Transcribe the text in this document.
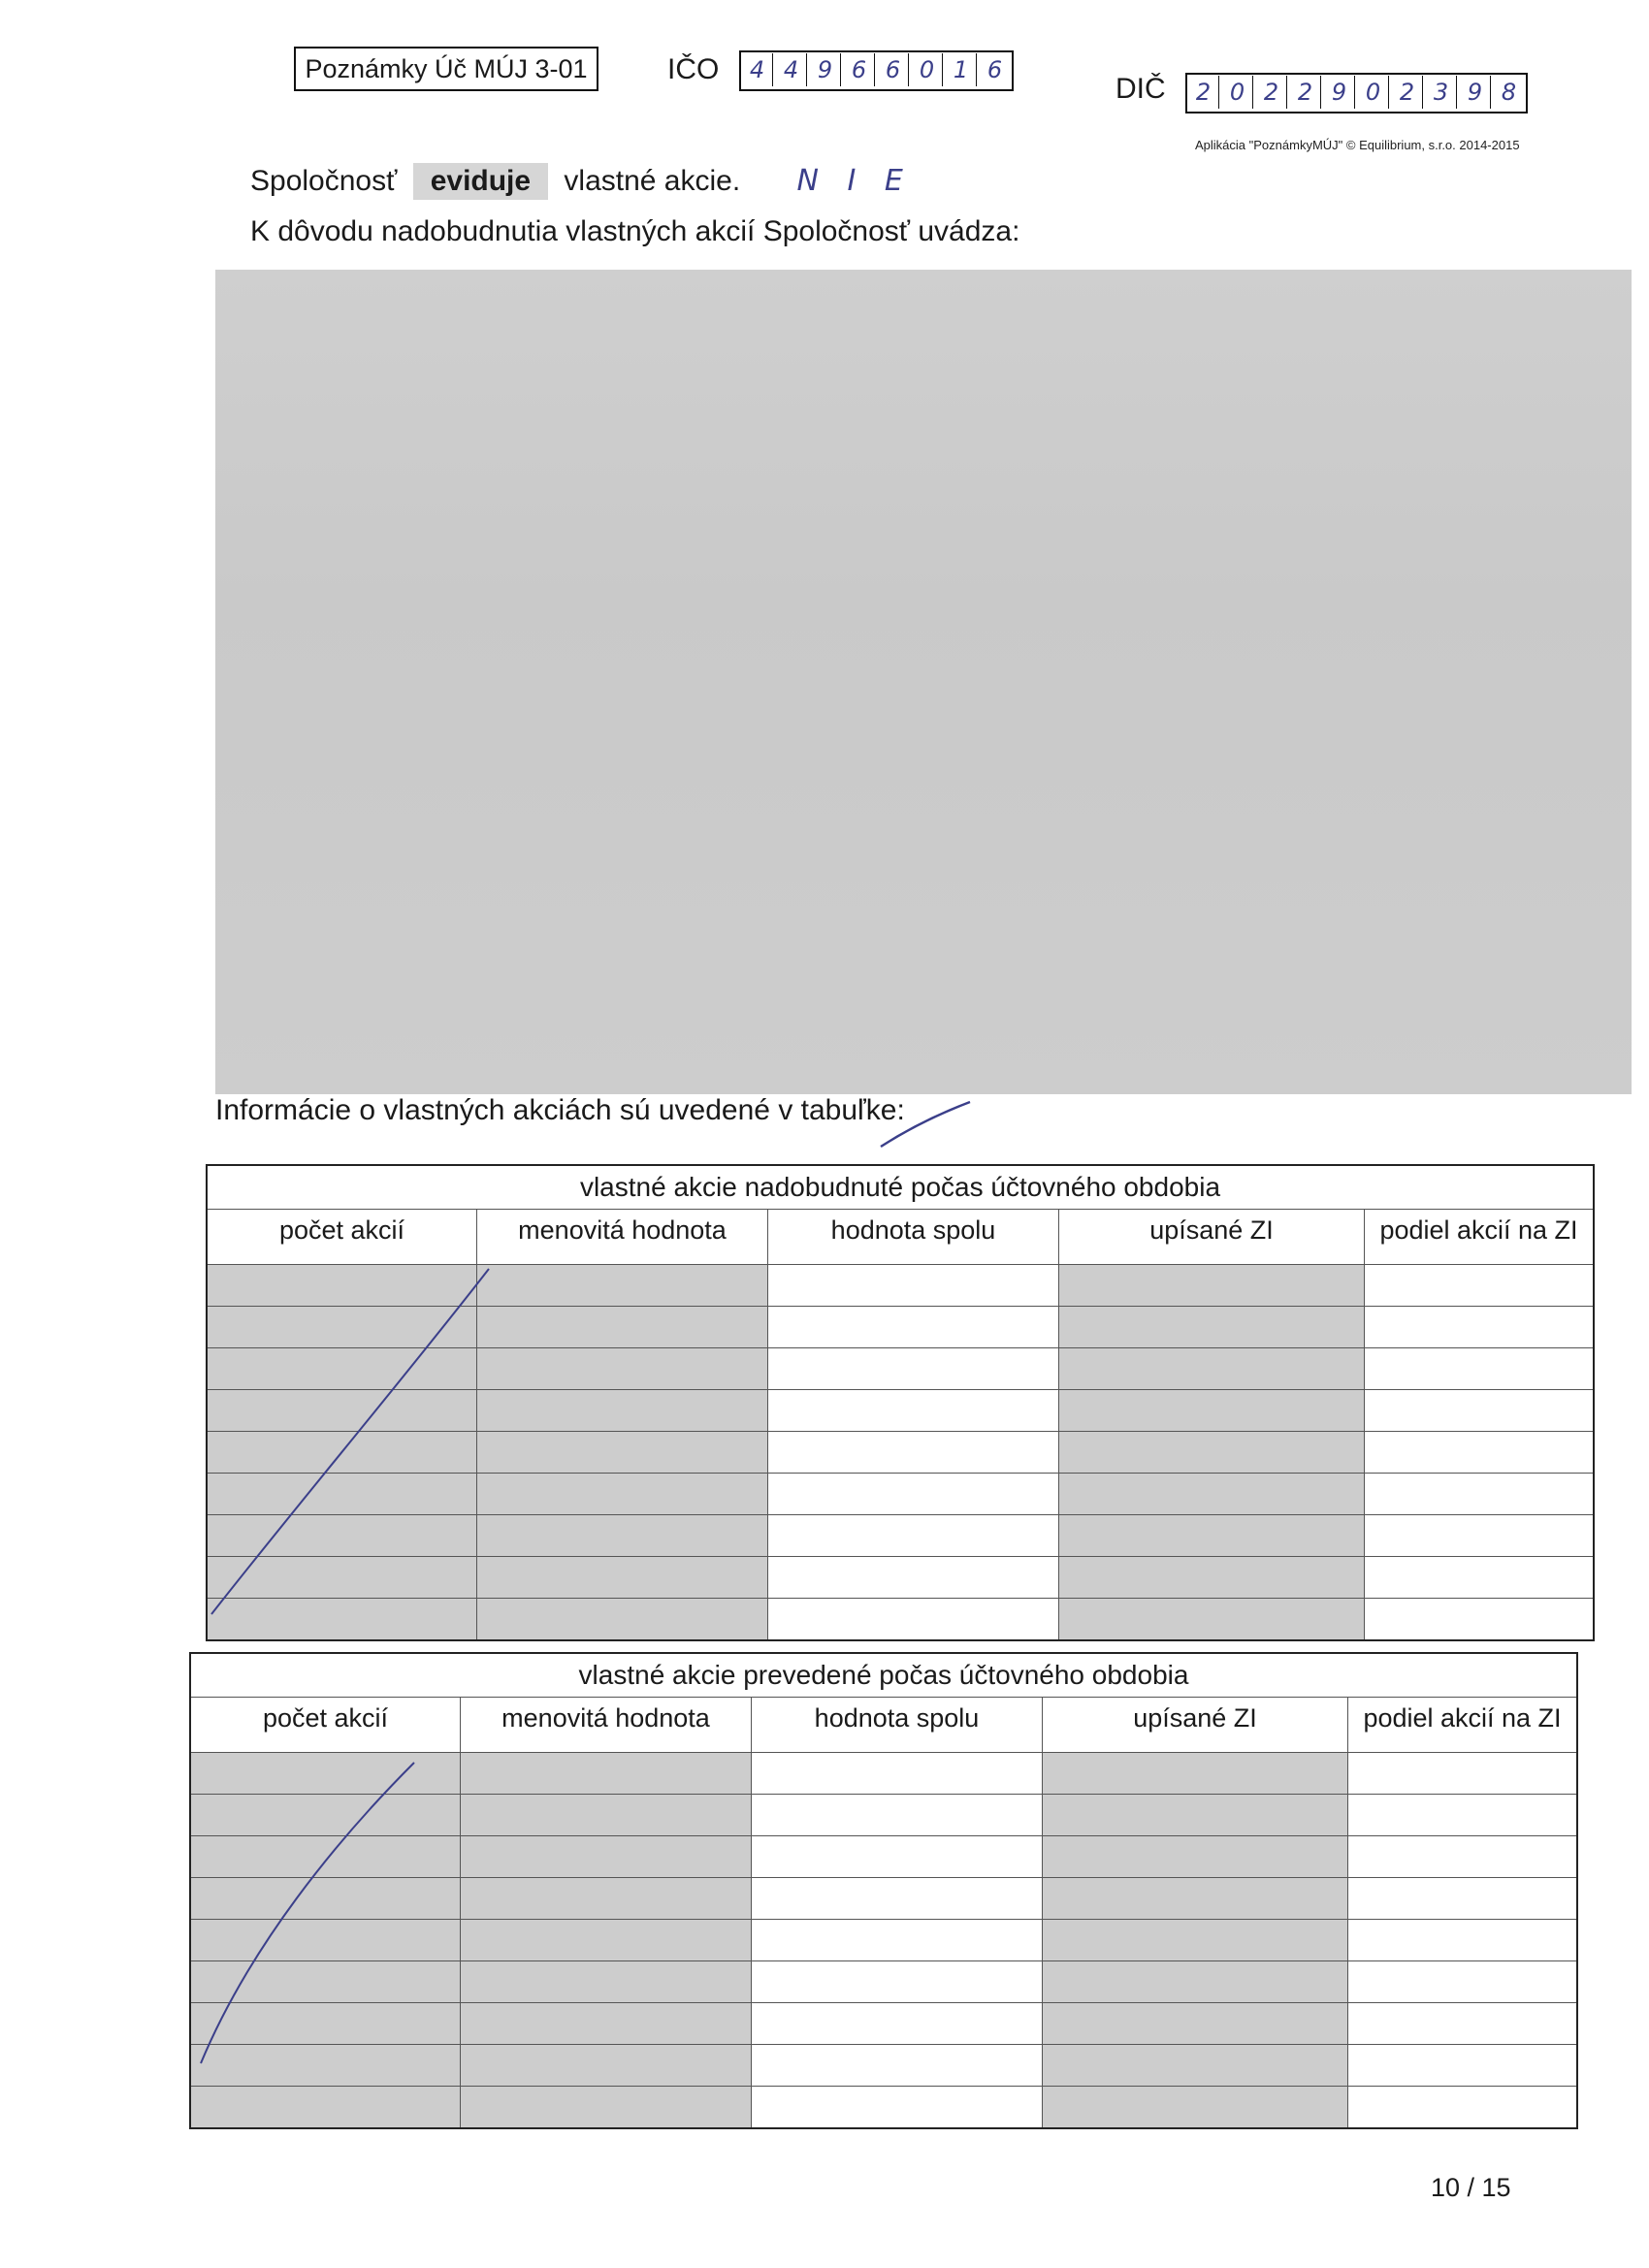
Poznámky Úč MÚJ 3-01	IČO	4 4 9 6 6 0 1 6
DIČ	2 0 2 2 9 0 2 3 9 8
Aplikácia "PoznámkyMÚJ" © Equilibrium, s.r.o. 2014-2015
Spoločnosť eviduje vlastné akcie. N I E
K dôvodu nadobudnutia vlastných akcií Spoločnosť uvádza:
Informácie o vlastných akciách sú uvedené v tabuľke:
vlastné akcie nadobudnuté počas účtovného obdobia
počet akcií	menovitá hodnota	hodnota spolu	upísané ZI	podiel akcií na ZI
vlastné akcie prevedené počas účtovného obdobia
počet akcií	menovitá hodnota	hodnota spolu	upísané ZI	podiel akcií na ZI
10 / 15
